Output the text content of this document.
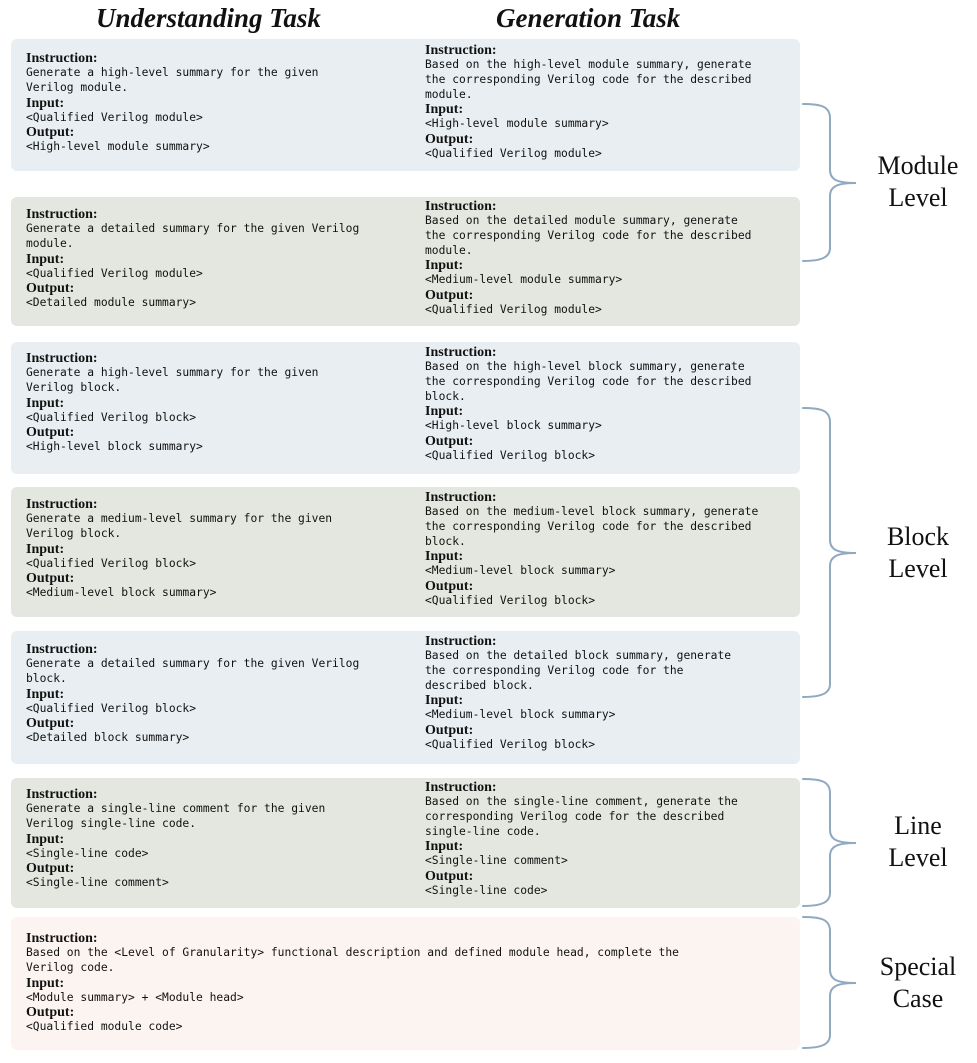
Understanding Task	Generation Task
Instruction:
Generate a high-level summary for the given
Verilog module.
Input:
<Qualified Verilog module>
Output:
<High-level module summary>
Instruction:
Based on the high-level module summary, generate
the corresponding Verilog code for the described
module.
Input:
<High-level module summary>
Output:
<Qualified Verilog module>
Instruction:
Generate a detailed summary for the given Verilog
module.
Input:
<Qualified Verilog module>
Output:
<Detailed module summary>
Instruction:
Based on the detailed module summary, generate
the corresponding Verilog code for the described
module.
Input:
<Medium-level module summary>
Output:
<Qualified Verilog module>
Instruction:
Generate a high-level summary for the given
Verilog block.
Input:
<Qualified Verilog block>
Output:
<High-level block summary>
Instruction:
Based on the high-level block summary, generate
the corresponding Verilog code for the described
block.
Input:
<High-level block summary>
Output:
<Qualified Verilog block>
Instruction:
Generate a medium-level summary for the given
Verilog block.
Input:
<Qualified Verilog block>
Output:
<Medium-level block summary>
Instruction:
Based on the medium-level block summary, generate
the corresponding Verilog code for the described
block.
Input:
<Medium-level block summary>
Output:
<Qualified Verilog block>
Instruction:
Generate a detailed summary for the given Verilog
block.
Input:
<Qualified Verilog block>
Output:
<Detailed block summary>
Instruction:
Based on the detailed block summary, generate
the corresponding Verilog code for the
described block.
Input:
<Medium-level block summary>
Output:
<Qualified Verilog block>
Instruction:
Generate a single-line comment for the given
Verilog single-line code.
Input:
<Single-line code>
Output:
<Single-line comment>
Instruction:
Based on the single-line comment, generate the
corresponding Verilog code for the described
single-line code.
Input:
<Single-line comment>
Output:
<Single-line code>
Instruction:
Based on the <Level of Granularity> functional description and defined module head, complete the
Verilog code.
Input:
<Module summary> + <Module head>
Output:
<Qualified module code>
Module
Level
Block
Level
Line
Level
Special
Case
